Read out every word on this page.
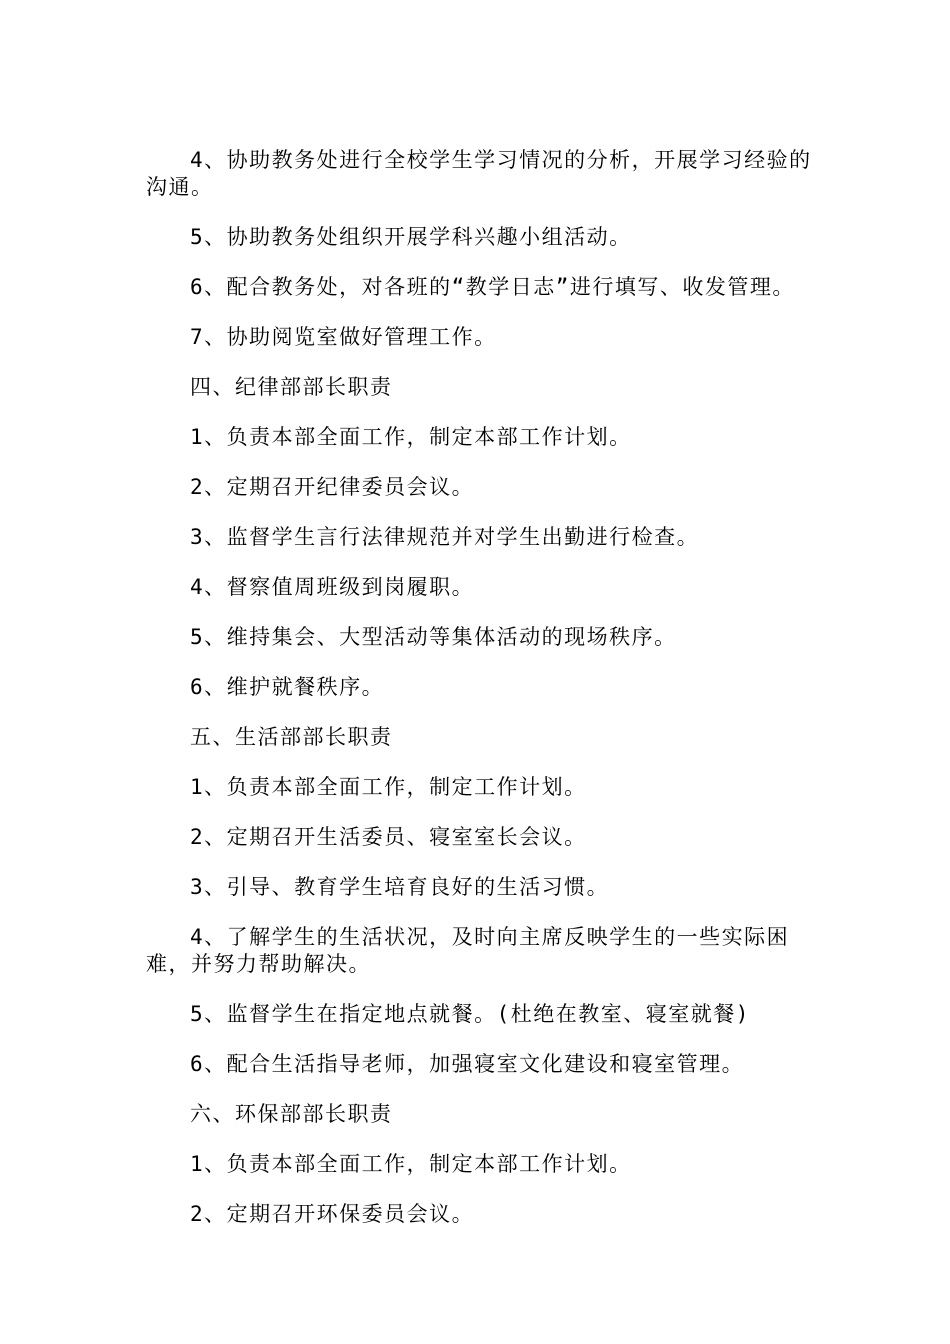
4、协助教务处进行全校学生学习情况的分析，开展学习经验的沟通。

5、协助教务处组织开展学科兴趣小组活动。

6、配合教务处，对各班的“教学日志”进行填写、收发管理。

7、协助阅览室做好管理工作。

四、纪律部部长职责

1、负责本部全面工作，制定本部工作计划。

2、定期召开纪律委员会议。

3、监督学生言行法律规范并对学生出勤进行检查。

4、督察值周班级到岗履职。

5、维持集会、大型活动等集体活动的现场秩序。

6、维护就餐秩序。

五、生活部部长职责

1、负责本部全面工作，制定工作计划。

2、定期召开生活委员、寝室室长会议。

3、引导、教育学生培育良好的生活习惯。

4、了解学生的生活状况，及时向主席反映学生的一些实际困难，并努力帮助解决。

5、监督学生在指定地点就餐。(杜绝在教室、寝室就餐)

6、配合生活指导老师，加强寝室文化建设和寝室管理。

六、环保部部长职责

1、负责本部全面工作，制定本部工作计划。

2、定期召开环保委员会议。
